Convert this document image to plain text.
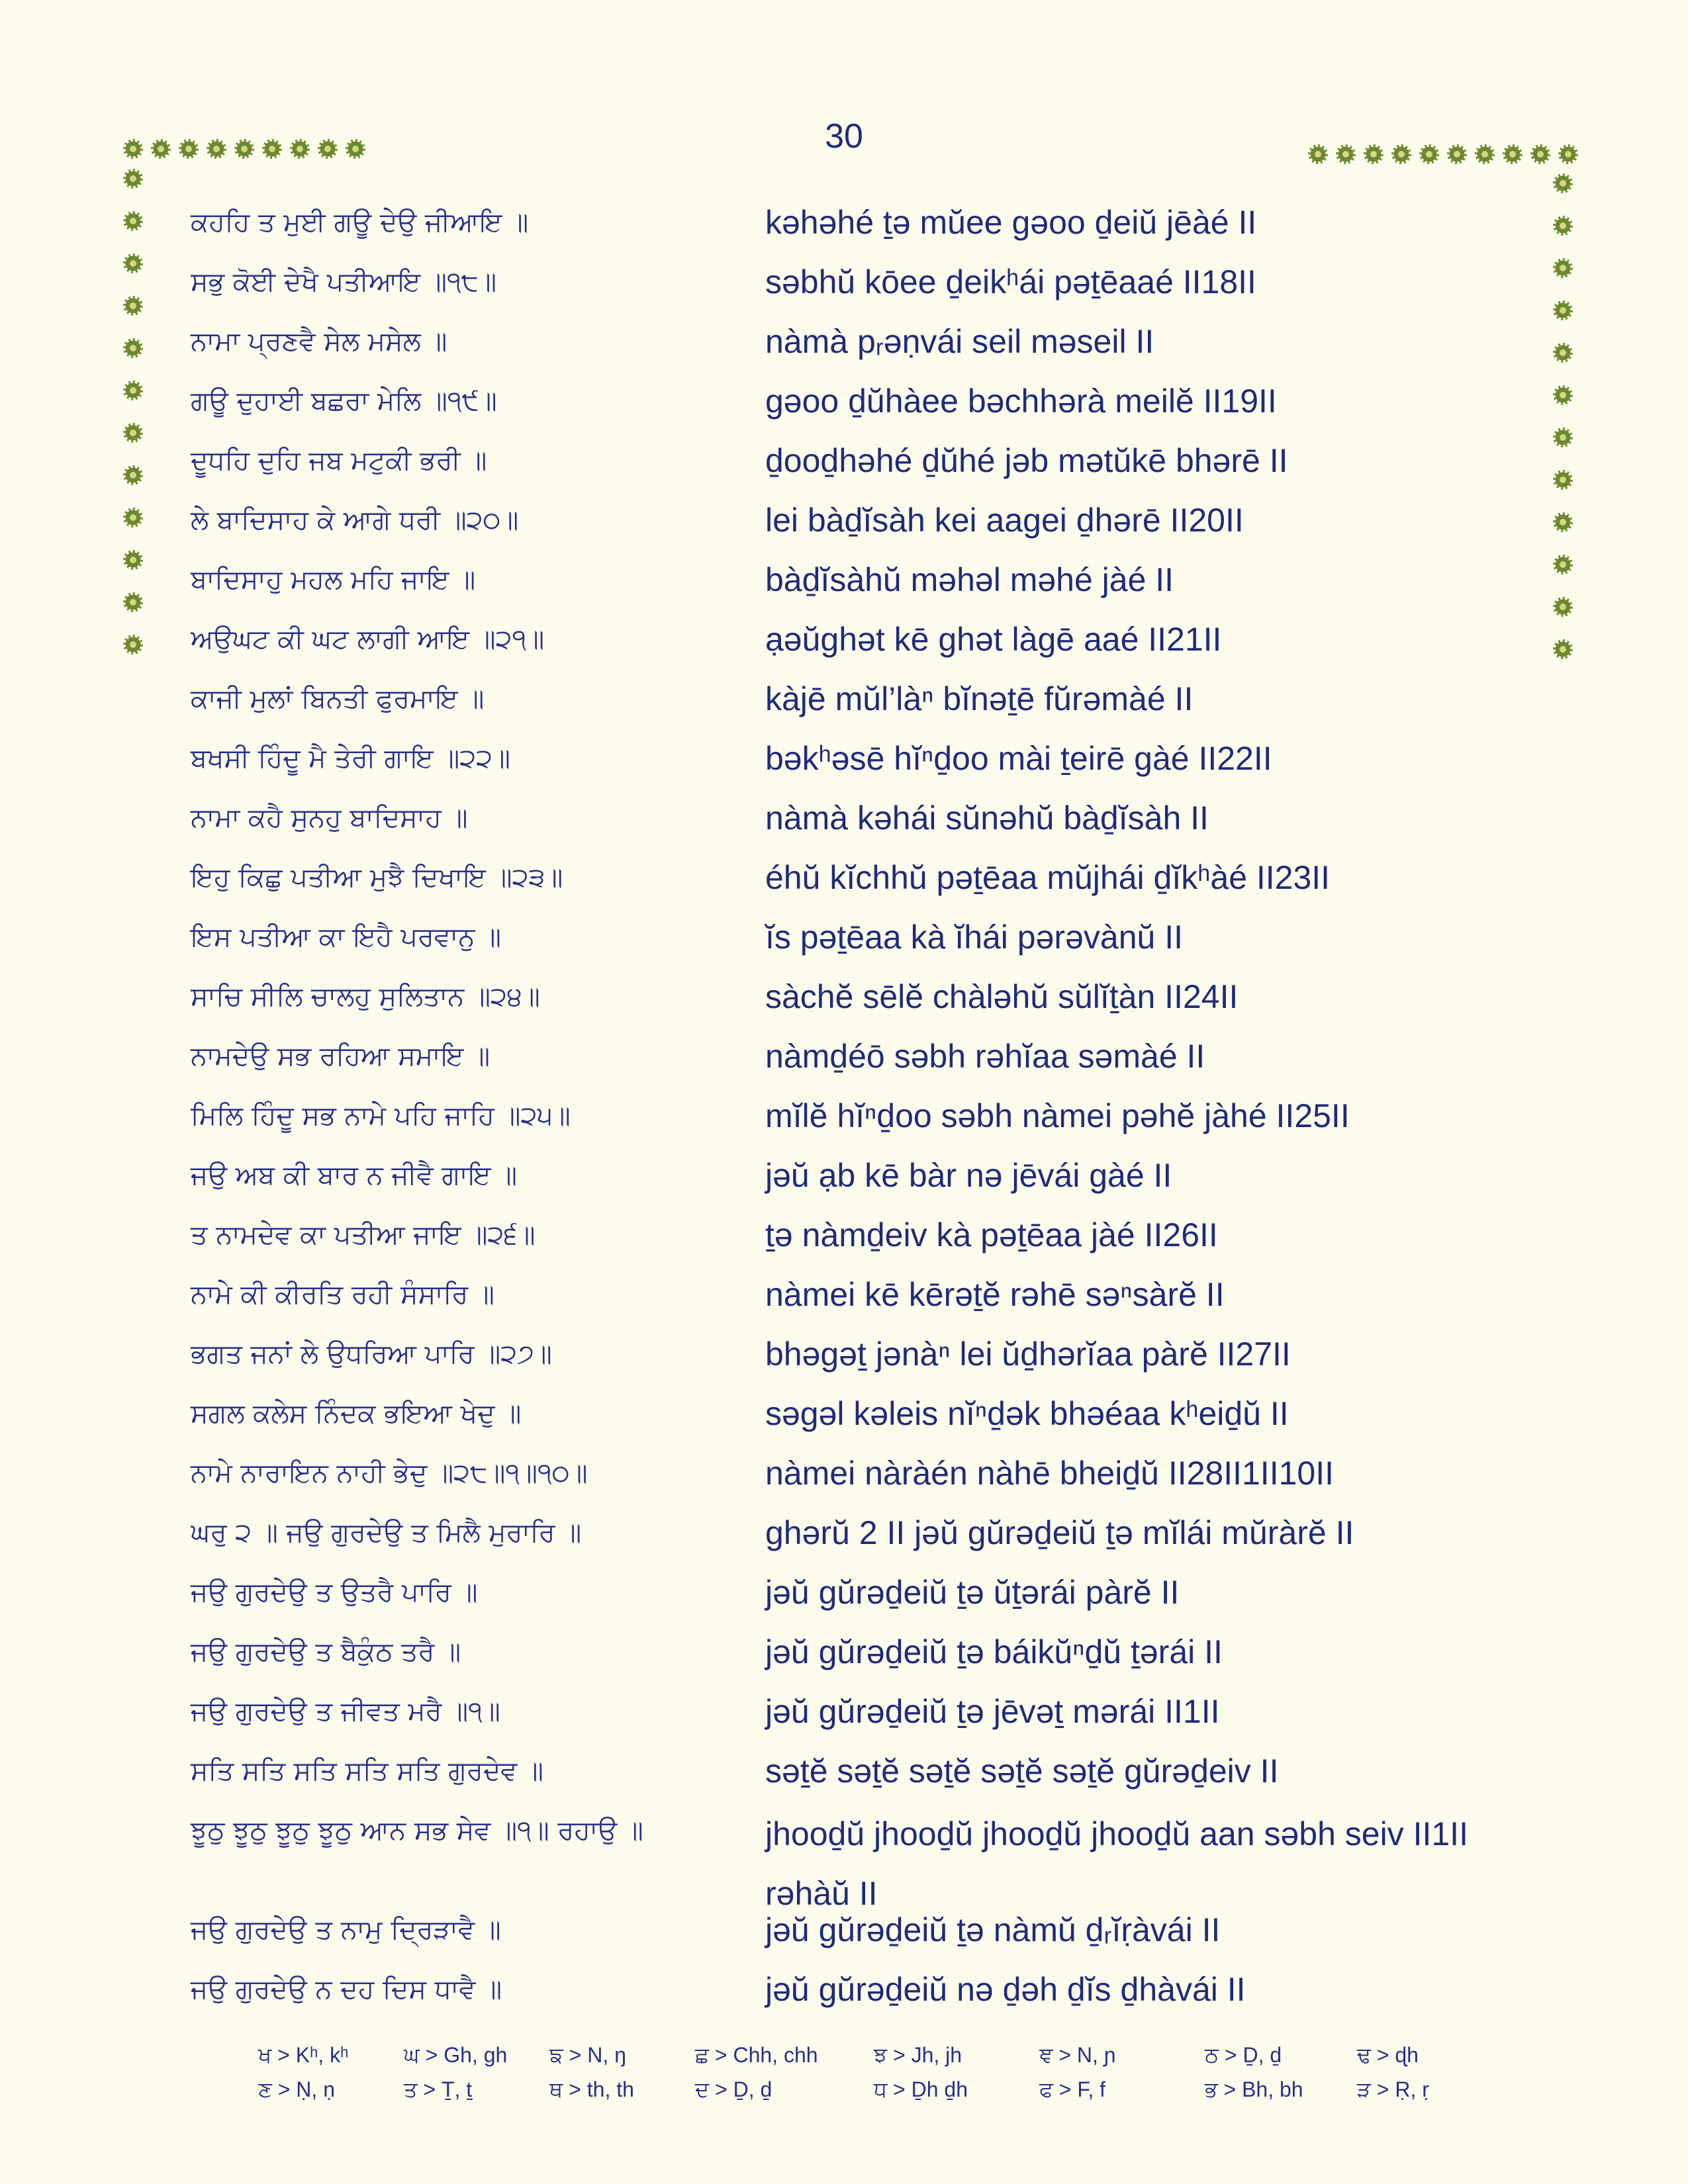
30
ਕਹਹਿ ਤ ਮੁਈ ਗਊ ਦੇਉ ਜੀਆਇ ॥	kəhəhé ṯə mŭee gəoo ḏeiŭ jēàé II
ਸਭੁ ਕੋਈ ਦੇਖੈ ਪਤੀਆਇ ॥੧੮॥	səbhŭ kōee ḏeikʰái pəṯēaaé II18II
ਨਾਮਾ ਪ੍ਰਣਵੈ ਸੇਲ ਮਸੇਲ ॥	nàmà pᵣəṇvái seil məseil II
ਗਊ ਦੁਹਾਈ ਬਛਰਾ ਮੇਲਿ ॥੧੯॥	gəoo ḏŭhàee bəchhərà meilĕ II19II
ਦੂਧਹਿ ਦੁਹਿ ਜਬ ਮਟੁਕੀ ਭਰੀ ॥	ḏooḏhəhé ḏŭhé jəb mətŭkē bhərē II
ਲੇ ਬਾਦਿਸਾਹ ਕੇ ਆਗੇ ਧਰੀ ॥੨੦॥	lei bàḏĭsàh kei aagei ḏhərē II20II
ਬਾਦਿਸਾਹੁ ਮਹਲ ਮਹਿ ਜਾਇ ॥	bàḏĭsàhŭ məhəl məhé jàé II
ਅਉਘਟ ਕੀ ਘਟ ਲਾਗੀ ਆਇ ॥੨੧॥	ạəŭghət kē ghət làgē aaé II21II
ਕਾਜੀ ਮੁਲਾਂ ਬਿਨਤੀ ਫੁਰਮਾਇ ॥	kàjē mŭl’làⁿ bĭnəṯē fŭrəmàé II
ਬਖਸੀ ਹਿੰਦੂ ਮੈ ਤੇਰੀ ਗਾਇ ॥੨੨॥	bəkʰəsē hĭⁿḏoo mài ṯeirē gàé II22II
ਨਾਮਾ ਕਹੈ ਸੁਨਹੁ ਬਾਦਿਸਾਹ ॥	nàmà kəhái sŭnəhŭ bàḏĭsàh II
ਇਹੁ ਕਿਛੁ ਪਤੀਆ ਮੁਝੈ ਦਿਖਾਇ ॥੨੩॥	éhŭ kĭchhŭ pəṯēaa mŭjhái ḏĭkʰàé II23II
ਇਸ ਪਤੀਆ ਕਾ ਇਹੈ ਪਰਵਾਨੁ ॥	ĭs pəṯēaa kà ĭhái pərəvànŭ II
ਸਾਚਿ ਸੀਲਿ ਚਾਲਹੁ ਸੁਲਿਤਾਨ ॥੨੪॥	sàchĕ sēlĕ chàləhŭ sŭlĭṯàn II24II
ਨਾਮਦੇਉ ਸਭ ਰਹਿਆ ਸਮਾਇ ॥	nàmḏéō səbh rəhĭaa səmàé II
ਮਿਲਿ ਹਿੰਦੂ ਸਭ ਨਾਮੇ ਪਹਿ ਜਾਹਿ ॥੨੫॥	mĭlĕ hĭⁿḏoo səbh nàmei pəhĕ jàhé II25II
ਜਉ ਅਬ ਕੀ ਬਾਰ ਨ ਜੀਵੈ ਗਾਇ ॥	jəŭ ạb kē bàr nə jēvái gàé II
ਤ ਨਾਮਦੇਵ ਕਾ ਪਤੀਆ ਜਾਇ ॥੨੬॥	ṯə nàmḏeiv kà pəṯēaa jàé II26II
ਨਾਮੇ ਕੀ ਕੀਰਤਿ ਰਹੀ ਸੰਸਾਰਿ ॥	nàmei kē kērəṯĕ rəhē səⁿsàrĕ II
ਭਗਤ ਜਨਾਂ ਲੇ ਉਧਰਿਆ ਪਾਰਿ ॥੨੭॥	bhəgəṯ jənàⁿ lei ŭḏhərĭaa pàrĕ II27II
ਸਗਲ ਕਲੇਸ ਨਿੰਦਕ ਭਇਆ ਖੇਦੁ ॥	səgəl kəleis nĭⁿḏək bhəéaa kʰeiḏŭ II
ਨਾਮੇ ਨਾਰਾਇਨ ਨਾਹੀ ਭੇਦੁ ॥੨੮॥੧॥੧੦॥	nàmei nàràén nàhē bheiḏŭ II28II1II10II
ਘਰੁ ੨ ॥ ਜਉ ਗੁਰਦੇਉ ਤ ਮਿਲੈ ਮੁਰਾਰਿ ॥	ghərŭ 2 II jəŭ gŭrəḏeiŭ ṯə mĭlái mŭràrĕ II
ਜਉ ਗੁਰਦੇਉ ਤ ਉਤਰੈ ਪਾਰਿ ॥	jəŭ gŭrəḏeiŭ ṯə ŭṯərái pàrĕ II
ਜਉ ਗੁਰਦੇਉ ਤ ਬੈਕੁੰਠ ਤਰੈ ॥	jəŭ gŭrəḏeiŭ ṯə báikŭⁿḏŭ ṯərái II
ਜਉ ਗੁਰਦੇਉ ਤ ਜੀਵਤ ਮਰੈ ॥੧॥	jəŭ gŭrəḏeiŭ ṯə jēvəṯ mərái II1II
ਸਤਿ ਸਤਿ ਸਤਿ ਸਤਿ ਸਤਿ ਗੁਰਦੇਵ ॥	səṯĕ səṯĕ səṯĕ səṯĕ səṯĕ gŭrəḏeiv II
ਝੂਠੁ ਝੂਠੁ ਝੂਠੁ ਝੂਠੁ ਆਨ ਸਭ ਸੇਵ ॥੧॥ ਰਹਾਉ ॥	jhooḏŭ jhooḏŭ jhooḏŭ jhooḏŭ aan səbh seiv II1II rəhàŭ II
ਜਉ ਗੁਰਦੇਉ ਤ ਨਾਮੁ ਦ੍ਰਿੜਾਵੈ ॥	jəŭ gŭrəḏeiŭ ṯə nàmŭ ḏᵣĭṛàvái II
ਜਉ ਗੁਰਦੇਉ ਨ ਦਹ ਦਿਸ ਧਾਵੈ ॥	jəŭ gŭrəḏeiŭ nə ḏəh ḏĭs ḏhàvái II
ਖ > Kʰ, kʰ	ਘ > Gh, gh	ਙ > N, ŋ	ਛ > Chh, chh	ਝ > Jh, jh	ਞ > N, ɲ	ਠ > Ḏ, ḏ	ਢ > ɖh
ਣ > Ṇ, ṇ	ਤ > Ṯ, ṯ	ਥ > th, th	ਦ > Ḏ, ḏ	ਧ > Ḏh ḏh	ਫ > F, f	ਭ > Bh, bh	ੜ > Ṛ, ṛ
